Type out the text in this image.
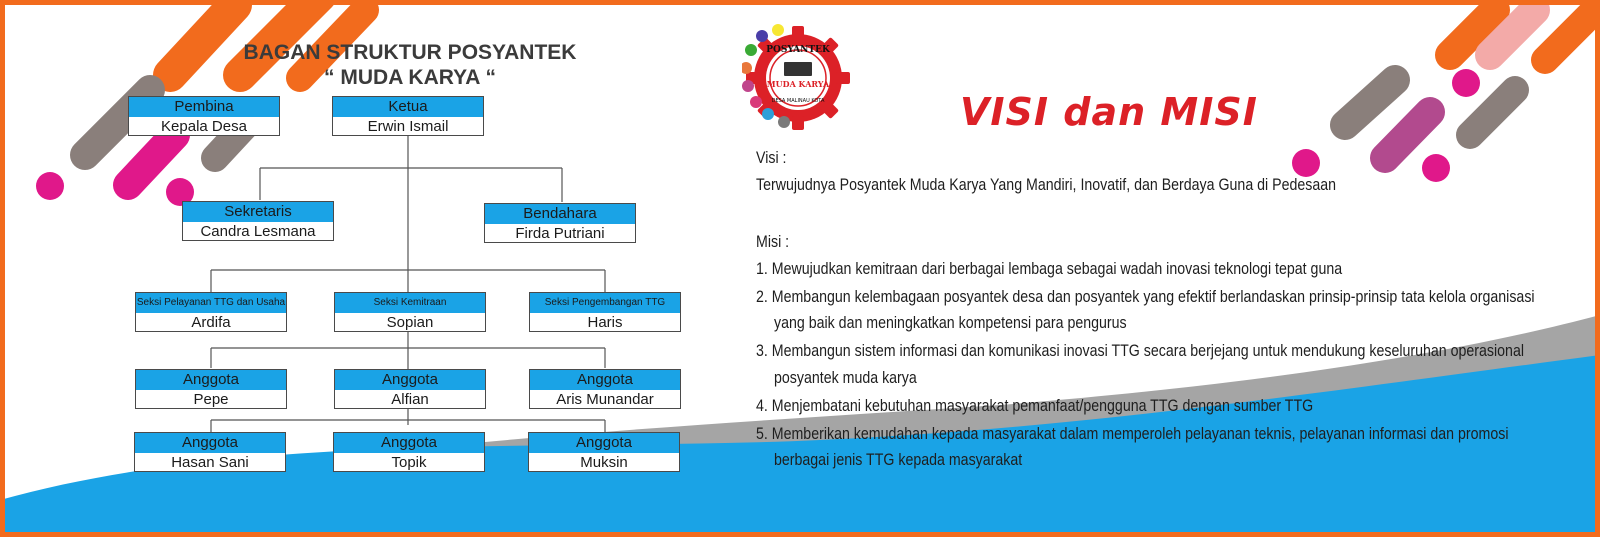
BAGAN STRUKTUR POSYANTEK
“ MUDA KARYA “
Pembina
Kepala Desa
Ketua
Erwin Ismail
Sekretaris
Candra Lesmana
Bendahara
Firda Putriani
Seksi Pelayanan TTG dan Usaha
Ardifa
Seksi Kemitraan
Sopian
Seksi Pengembangan TTG
Haris
Anggota
Pepe
Anggota
Alfian
Anggota
Aris Munandar
Anggota
Hasan Sani
Anggota
Topik
Anggota
Muksin
POSYANTEK
MUDA KARYA
DESA MALINAU KOTA	VISI dan MISI
Visi :
Terwujudnya Posyantek Muda Karya Yang Mandiri, Inovatif, dan Berdaya Guna di Pedesaan
Misi :
1. Mewujudkan kemitraan dari berbagai lembaga sebagai wadah inovasi teknologi tepat guna
2. Membangun kelembagaan posyantek desa dan posyantek yang efektif berlandaskan prinsip-prinsip tata kelola organisasi
yang baik dan meningkatkan kompetensi para pengurus
3. Membangun sistem informasi dan komunikasi inovasi TTG secara berjejang untuk mendukung keseluruhan operasional
posyantek muda karya
4. Menjembatani kebutuhan masyarakat pemanfaat/pengguna TTG dengan sumber TTG
5. Memberikan kemudahan kepada masyarakat dalam memperoleh pelayanan teknis, pelayanan informasi dan promosi
berbagai jenis TTG kepada masyarakat
